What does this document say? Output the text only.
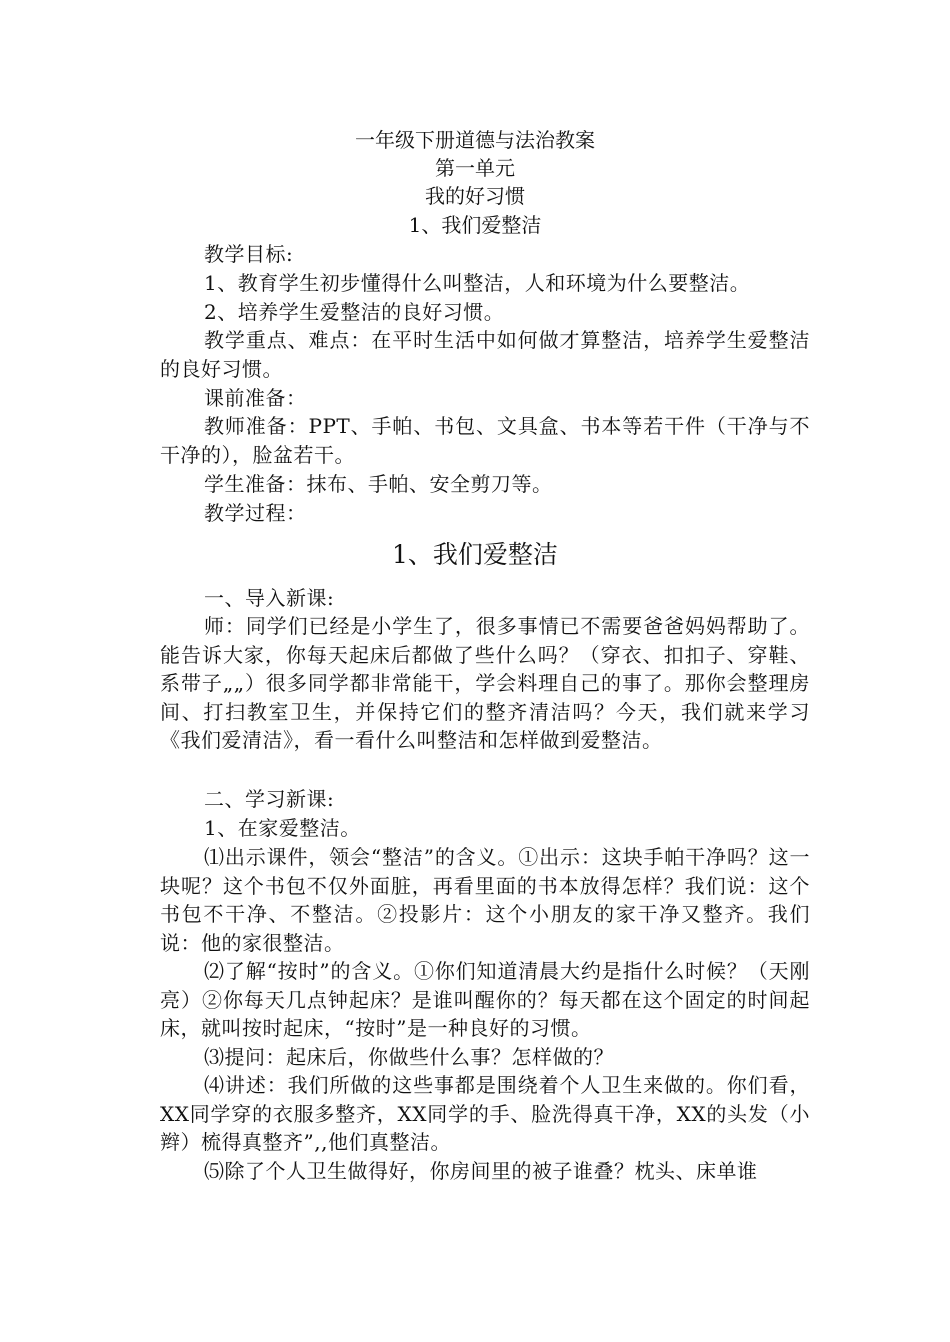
一年级下册道德与法治教案

第一单元

我的好习惯

1、我们爱整洁

教学目标:

1、教育学生初步懂得什么叫整洁，人和环境为什么要整洁。

2、培养学生爱整洁的良好习惯。

教学重点、难点：在平时生活中如何做才算整洁，培养学生爱整洁的良好习惯。

课前准备：

教师准备：PPT、手帕、书包、文具盒、书本等若干件（干净与不干净的），脸盆若干。

学生准备：抹布、手帕、安全剪刀等。

教学过程：

1、我们爱整洁

一、导入新课:

师：同学们已经是小学生了，很多事情已不需要爸爸妈妈帮助了。能告诉大家，你每天起床后都做了些什么吗？（穿衣、扣扣子、穿鞋、系带子„„）很多同学都非常能干，学会料理自己的事了。那你会整理房间、打扫教室卫生，并保持它们的整齐清洁吗？今天，我们就来学习《我们爱清洁》，看一看什么叫整洁和怎样做到爱整洁。

二、学习新课:

1、在家爱整洁。

⑴出示课件，领会“整洁”的含义。①出示：这块手帕干净吗？这一块呢？这个书包不仅外面脏，再看里面的书本放得怎样？我们说：这个书包不干净、不整洁。②投影片：这个小朋友的家干净又整齐。我们说：他的家很整洁。

⑵了解“按时”的含义。①你们知道清晨大约是指什么时候？（天刚亮）②你每天几点钟起床？是谁叫醒你的？每天都在这个固定的时间起床，就叫按时起床，“按时”是一种良好的习惯。

⑶提问：起床后，你做些什么事？怎样做的？

⑷讲述：我们所做的这些事都是围绕着个人卫生来做的。你们看，XX同学穿的衣服多整齐，XX同学的手、脸洗得真干净，XX的头发（小辫）梳得真整齐”,,他们真整洁。

⑸除了个人卫生做得好，你房间里的被子谁叠？枕头、床单谁
